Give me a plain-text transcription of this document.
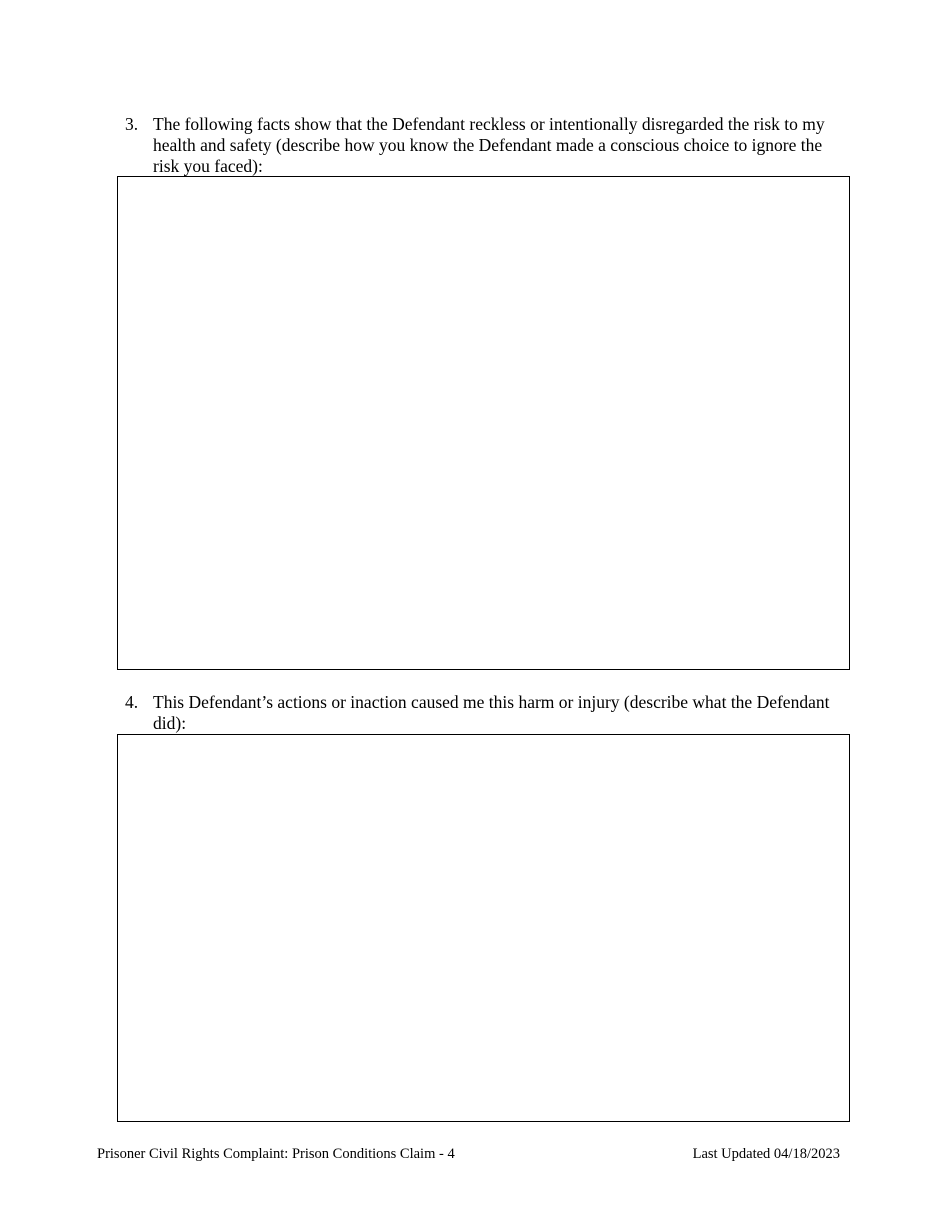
3. The following facts show that the Defendant reckless or intentionally disregarded the risk to my health and safety (describe how you know the Defendant made a conscious choice to ignore the risk you faced):
4. This Defendant’s actions or inaction caused me this harm or injury (describe what the Defendant did):
Prisoner Civil Rights Complaint: Prison Conditions Claim - 4	Last Updated 04/18/2023
